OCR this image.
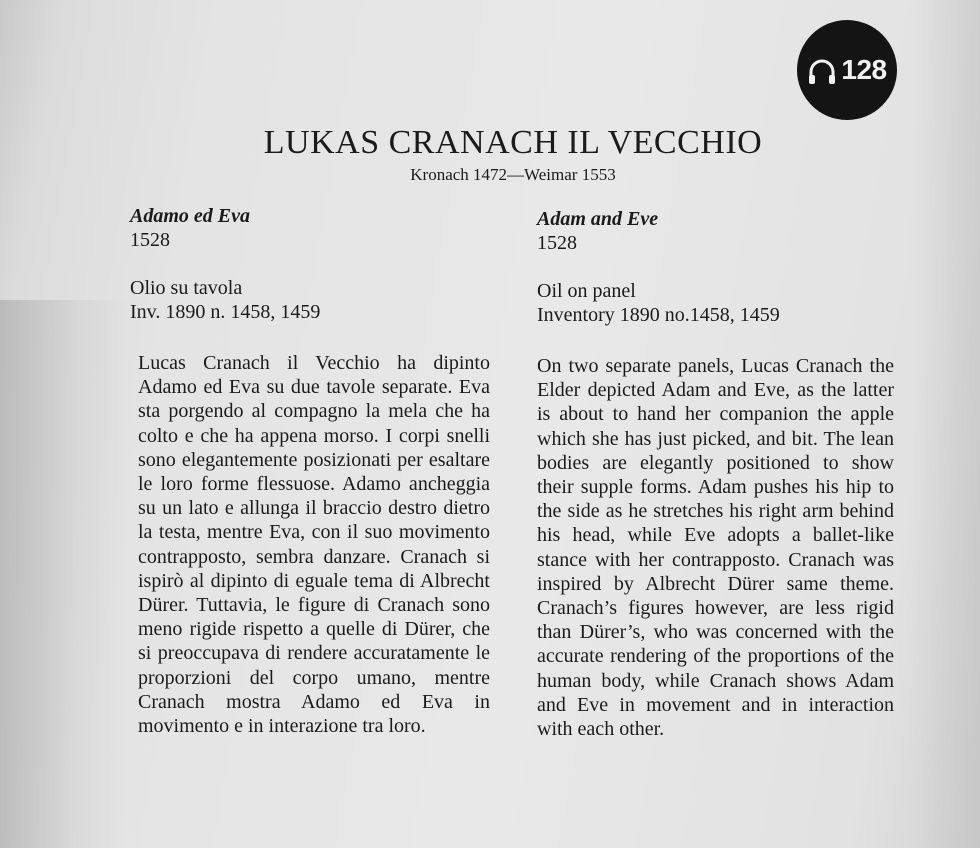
128
LUKAS CRANACH IL VECCHIO
Kronach 1472—Weimar 1553
Adamo ed Eva
1528
Olio su tavola
Inv. 1890 n. 1458, 1459
Lucas Cranach il Vecchio ha dipinto Adamo ed Eva su due tavole separate. Eva sta porgendo al compagno la mela che ha colto e che ha appena morso. I corpi snelli sono elegantemente posizionati per esaltare le loro forme flessuose. Adamo ancheggia su un lato e allunga il braccio destro dietro la testa, mentre Eva, con il suo movimento contrapposto, sembra danzare. Cranach si ispirò al dipinto di eguale tema di Albrecht Dürer. Tuttavia, le figure di Cranach sono meno rigide rispetto a quelle di Dürer, che si preoccupava di rendere accuratamente le proporzioni del corpo umano, mentre Cranach mostra Adamo ed Eva in movimento e in interazione tra loro.
Adam and Eve
1528
Oil on panel
Inventory 1890 no.1458, 1459
On two separate panels, Lucas Cranach the Elder depicted Adam and Eve, as the latter is about to hand her companion the apple which she has just picked, and bit. The lean bodies are elegantly positioned to show their supple forms. Adam pushes his hip to the side as he stretches his right arm behind his head, while Eve adopts a ballet-like stance with her contrapposto. Cranach was inspired by Albrecht Dürer same theme. Cranach’s figures however, are less rigid than Dürer’s, who was concerned with the accurate rendering of the proportions of the human body, while Cranach shows Adam and Eve in movement and in interaction with each other.
